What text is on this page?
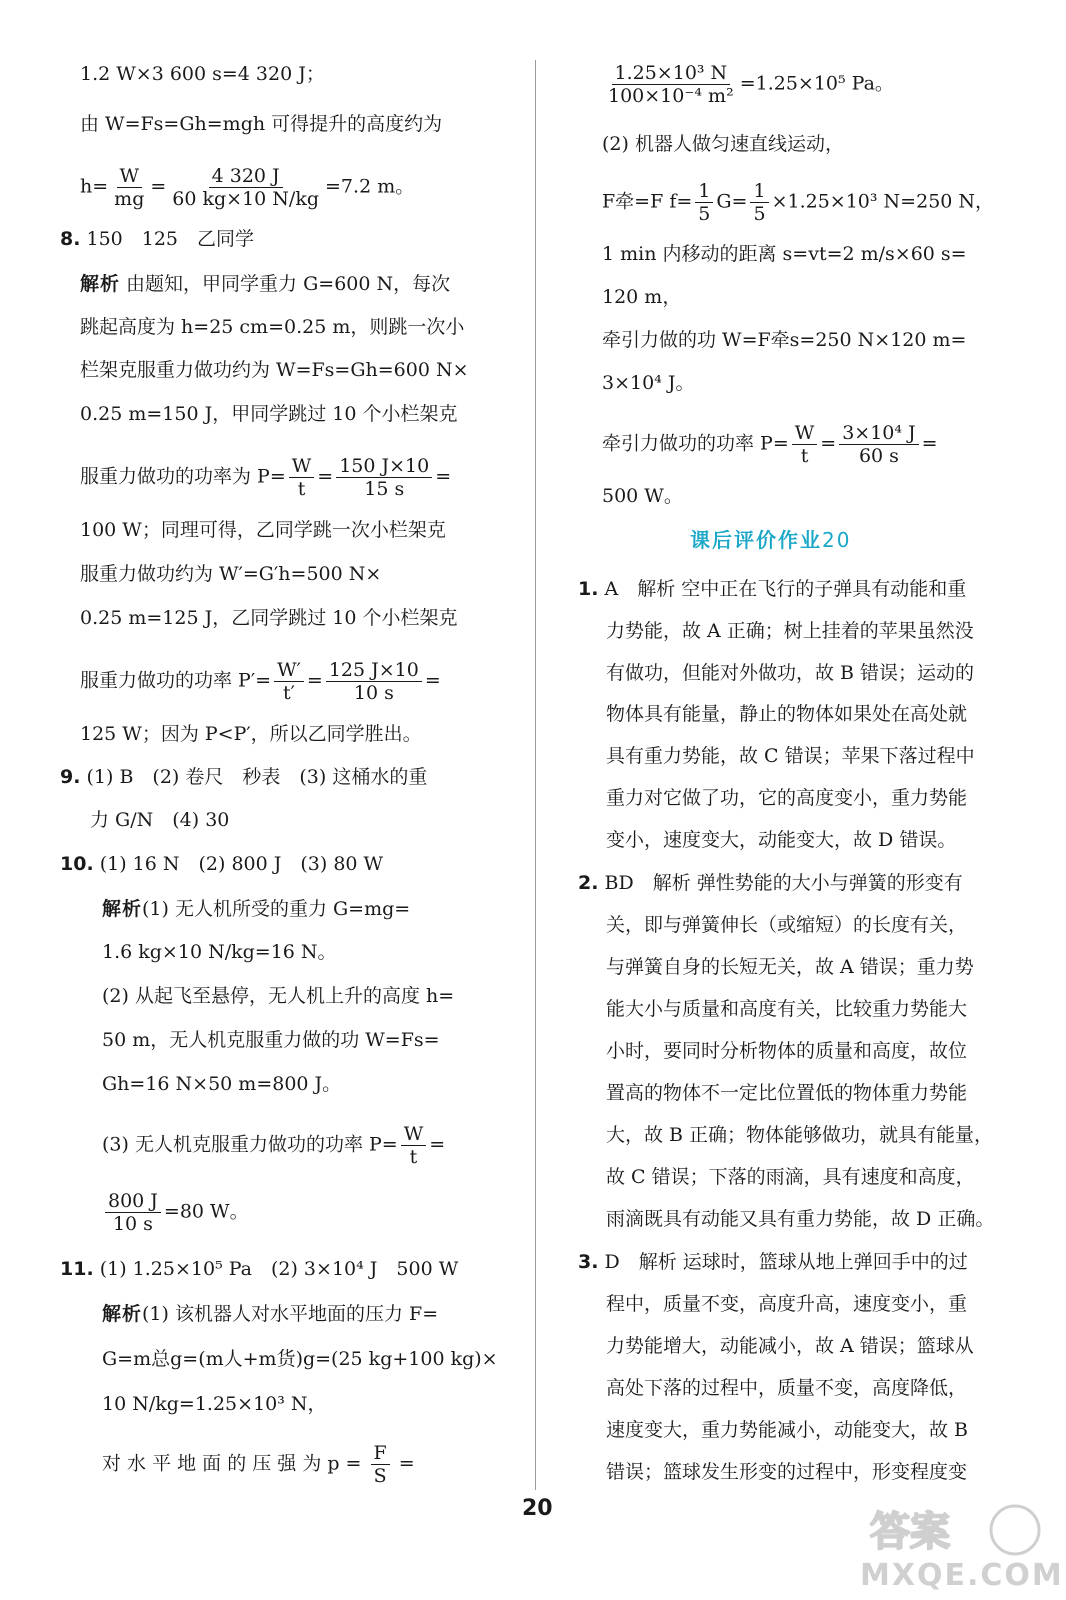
1.2 W×3 600 s=4 320 J；
由 W=Fs=Gh=mgh 可得提升的高度约为
$h= \frac{W}{mg} = \frac{4 320 J}{60 kg\times 10 N/kg} =7.2$ m。
8. 150　125　乙同学
解析 由题知，甲同学重力 G=600 N，每次
跳起高度为 h=25 cm=0.25 m，则跳一次小
栏架克服重力做功约为 W=Fs=Gh=600 N×
0.25 m=150 J，甲同学跳过 10 个小栏架克
服重力做功的功率为 $P= \frac{W}{t} = \frac{150 J\times 10}{15 s}$ =
100 W；同理可得，乙同学跳一次小栏架克
服重力做功约为 W′=G′h=500 N×
0.25 m=125 J，乙同学跳过 10 个小栏架克
服重力做功的功率 $P'= \frac{W'}{t'} = \frac{125 J\times 10}{10 s}$ =
125 W；因为 P<P′，所以乙同学胜出。
9. (1) B　(2) 卷尺　秒表　(3) 这桶水的重
力 G/N　(4) 30
10. (1) 16 N　(2) 800 J　(3) 80 W
解析(1) 无人机所受的重力 G=mg=
1.6 kg×10 N/kg=16 N。
(2) 从起飞至悬停，无人机上升的高度 h=
50 m，无人机克服重力做的功 W=Fs=
Gh=16 N×50 m=800 J。
(3) 无人机克服重力做功的功率 $P= \frac{W}{t}$ =
$\frac{800 J}{10 s} =80$ W。
11. (1) 1.25×10⁵ Pa　(2) 3×10⁴ J　500 W
解析(1) 该机器人对水平地面的压力 F=
G=m总g=(m人+m货)g=(25 kg+100 kg)×
10 N/kg=1.25×10³ N，
对 水 平 地 面 的 压 强 为 $p = \frac{F}{S}$ =
$\frac{\text{1.25×10³ N}}{\text{100×10⁻⁴ m²}} =1.25\times 10^5$ Pa。
(2) 机器人做匀速直线运动，
F牵=F $f= \frac{1}{5} G= \frac{1}{5} \times 1.25\times 10^3$ N=250 N，
1 min 内移动的距离 s=vt=2 m/s×60 s=
120 m，
牵引力做的功 W=F牵s=250 N×120 m=
3×10⁴ J。
牵引力做功的功率 $P= \frac{W}{t} = \frac{\text{3×10⁴ J}}{60 s}$ =
500 W。
1. A　解析 空中正在飞行的子弹具有动能和重
力势能，故 A 正确；树上挂着的苹果虽然没
有做功，但能对外做功，故 B 错误；运动的
物体具有能量，静止的物体如果处在高处就
具有重力势能，故 C 错误；苹果下落过程中
重力对它做了功，它的高度变小，重力势能
变小，速度变大，动能变大，故 D 错误。
2. BD　解析 弹性势能的大小与弹簧的形变有
关，即与弹簧伸长（或缩短）的长度有关，
与弹簧自身的长短无关，故 A 错误；重力势
能大小与质量和高度有关，比较重力势能大
小时，要同时分析物体的质量和高度，故位
置高的物体不一定比位置低的物体重力势能
大，故 B 正确；物体能够做功，就具有能量，
故 C 错误；下落的雨滴，具有速度和高度，
雨滴既具有动能又具有重力势能，故 D 正确。
3. D　解析 运球时，篮球从地上弹回手中的过
程中，质量不变，高度升高，速度变小，重
力势能增大，动能减小，故 A 错误；篮球从
高处下落的过程中，质量不变，高度降低，
速度变大，重力势能减小，动能变大，故 B
错误；篮球发生形变的过程中，形变程度变
课后评价作业20
20
答案
MXQE.COM
